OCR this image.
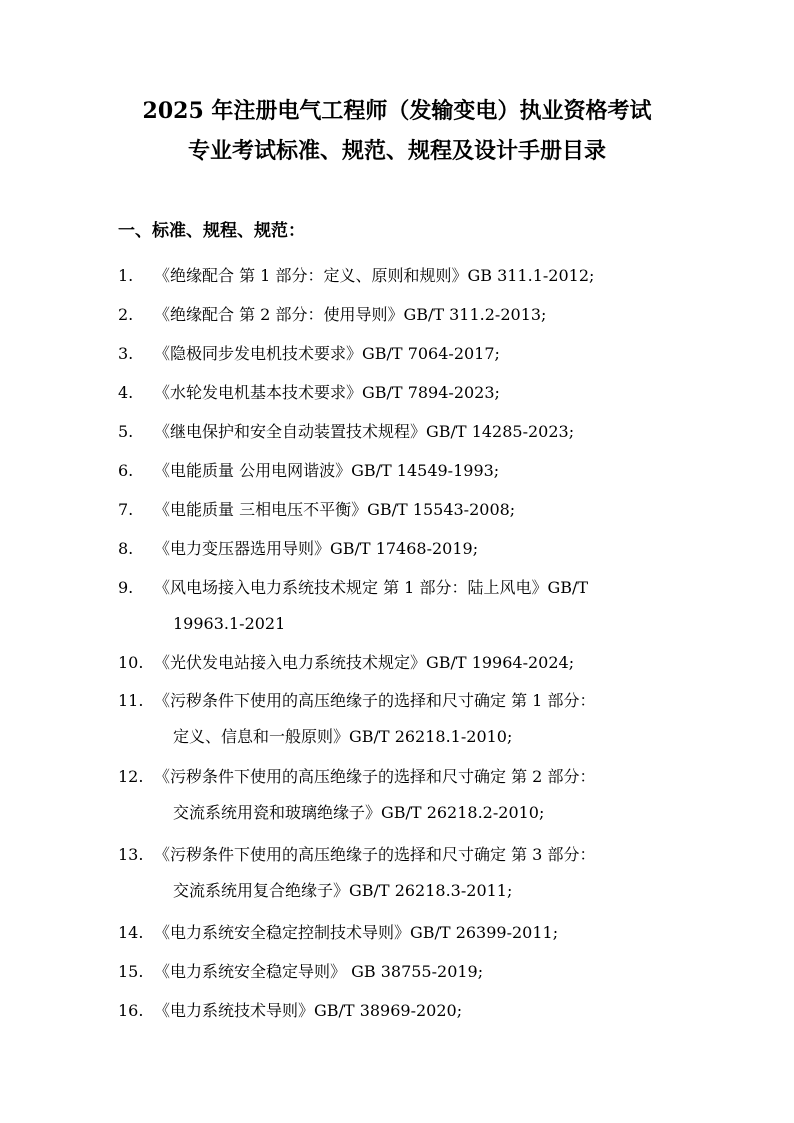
2025 年注册电气工程师（发输变电）执业资格考试
专业考试标准、规范、规程及设计手册目录
一、标准、规程、规范：
1. 《绝缘配合 第 1 部分：定义、原则和规则》GB 311.1-2012;
2. 《绝缘配合 第 2 部分：使用导则》GB/T 311.2-2013;
3. 《隐极同步发电机技术要求》GB/T 7064-2017;
4. 《水轮发电机基本技术要求》GB/T 7894-2023;
5. 《继电保护和安全自动装置技术规程》GB/T 14285-2023;
6. 《电能质量 公用电网谐波》GB/T 14549-1993;
7. 《电能质量 三相电压不平衡》GB/T 15543-2008;
8. 《电力变压器选用导则》GB/T 17468-2019;
9. 《风电场接入电力系统技术规定 第 1 部分：陆上风电》GB/T
19963.1-2021
10. 《光伏发电站接入电力系统技术规定》GB/T 19964-2024;
11. 《污秽条件下使用的高压绝缘子的选择和尺寸确定 第 1 部分：
定义、信息和一般原则》GB/T 26218.1-2010;
12. 《污秽条件下使用的高压绝缘子的选择和尺寸确定 第 2 部分：
交流系统用瓷和玻璃绝缘子》GB/T 26218.2-2010;
13. 《污秽条件下使用的高压绝缘子的选择和尺寸确定 第 3 部分：
交流系统用复合绝缘子》GB/T 26218.3-2011;
14. 《电力系统安全稳定控制技术导则》GB/T 26399-2011;
15. 《电力系统安全稳定导则》 GB 38755-2019;
16. 《电力系统技术导则》GB/T 38969-2020;
